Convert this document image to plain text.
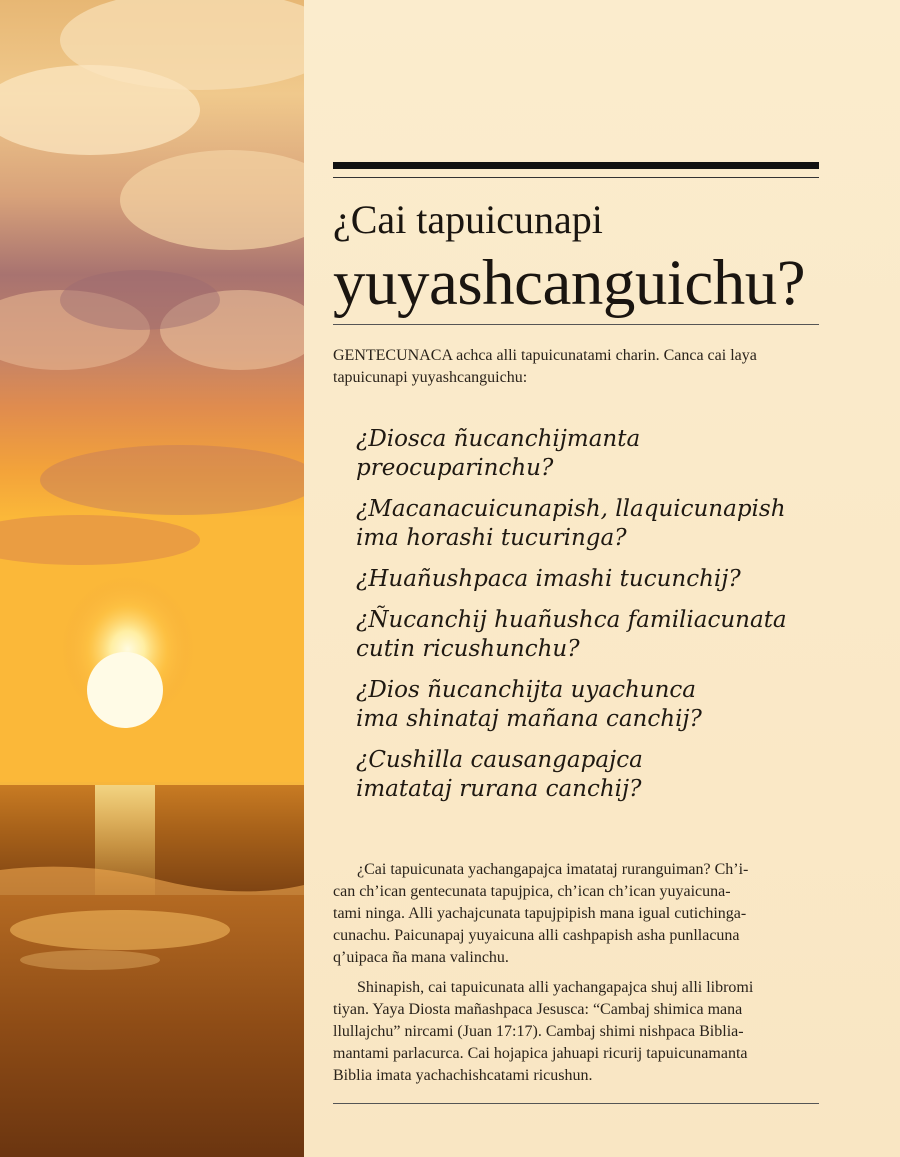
¿Cai tapuicunapi
yuyashcanguichu?
GENTECUNACA achca alli tapuicunatami charin. Canca cai laya tapuicunapi yuyashcanguichu:
¿Diosca ñucanchijmanta
preocuparinchu?
¿Macanacuicunapish, llaquicunapish
ima horashi tucuringa?
¿Huañushpaca imashi tucunchij?
¿Ñucanchij huañushca familiacunata
cutin ricushunchu?
¿Dios ñucanchijta uyachunca
ima shinataj mañana canchij?
¿Cushilla causangapajca
imatataj rurana canchij?

¿Cai tapuicunata yachangapajca imatataj ruranguiman? Ch’i-
can ch’ican gentecunata tapujpica, ch’ican ch’ican yuyaicuna-
tami ninga. Alli yachajcunata tapujpipish mana igual cutichinga-
cunachu. Paicunapaj yuyaicuna alli cashpapish asha punllacuna
q’uipaca ña mana valinchu.

Shinapish, cai tapuicunata alli yachangapajca shuj alli libromi
tiyan. Yaya Diosta mañashpaca Jesusca: “Cambaj shimica mana
llullajchu” nircami (Juan 17:17). Cambaj shimi nishpaca Biblia-
mantami parlacurca. Cai hojapica jahuapi ricurij tapuicunamanta
Biblia imata yachachishcatami ricushun.
